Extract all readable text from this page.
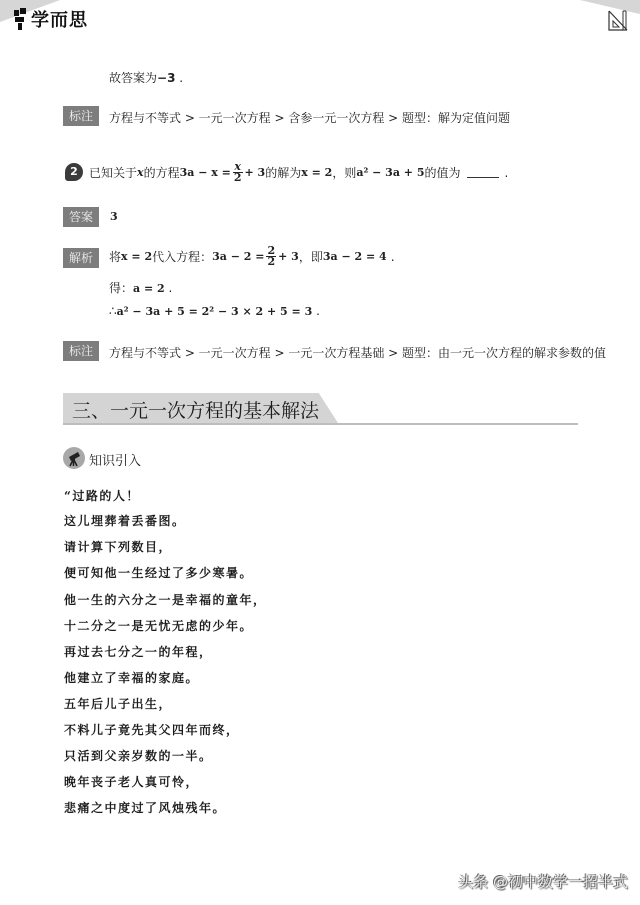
学而思
故答案为−3 .
标注	方程与不等式 > 一元一次方程 > 含参一元一次方程 > 题型：解为定值问题
2 已知关于 x 的方程 $3a - x = \frac{x}{2} + 3$ 的解为 x = 2 ，则 a² − 3a + 5 的值为	.
答案	3
解析	将 x = 2 代入方程： $3a - 2 = \frac{2}{2} + 3$ ，即 3a − 2 = 4 .
得：a = 2 .
∴a² − 3a + 5 = 2² − 3 × 2 + 5 = 3 .
标注	方程与不等式 > 一元一次方程 > 一元一次方程基础 > 题型：由一元一次方程的解求参数的值
三、一元一次方程的基本解法
知识引入
“过路的人！
这儿埋葬着丢番图。
请计算下列数目，
便可知他一生经过了多少寒暑。
他一生的六分之一是幸福的童年，
十二分之一是无忧无虑的少年。
再过去七分之一的年程，
他建立了幸福的家庭。
五年后儿子出生，
不料儿子竟先其父四年而终，
只活到父亲岁数的一半。
晚年丧子老人真可怜，
悲痛之中度过了风烛残年。
头条 @初中数学一招半式
